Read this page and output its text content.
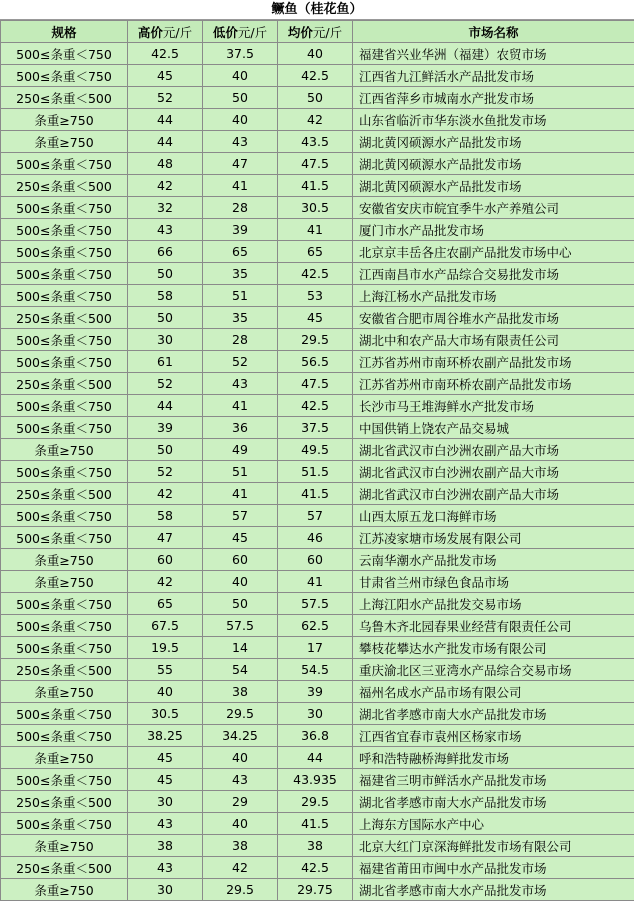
鳜鱼（桂花鱼）
规格	高价元/斤	低价元/斤	均价元/斤	市场名称
500≤条重＜750	42.5	37.5	40	福建省兴业华洲（福建）农贸市场
500≤条重＜750	45	40	42.5	江西省九江鲜活水产品批发市场
250≤条重＜500	52	50	50	江西省萍乡市城南水产批发市场
条重≥750	44	40	42	山东省临沂市华东淡水鱼批发市场
条重≥750	44	43	43.5	湖北黄冈硕源水产品批发市场
500≤条重＜750	48	47	47.5	湖北黄冈硕源水产品批发市场
250≤条重＜500	42	41	41.5	湖北黄冈硕源水产品批发市场
500≤条重＜750	32	28	30.5	安徽省安庆市皖宜季牛水产养殖公司
500≤条重＜750	43	39	41	厦门市水产品批发市场
500≤条重＜750	66	65	65	北京京丰岳各庄农副产品批发市场中心
500≤条重＜750	50	35	42.5	江西南昌市水产品综合交易批发市场
500≤条重＜750	58	51	53	上海江杨水产品批发市场
250≤条重＜500	50	35	45	安徽省合肥市周谷堆水产品批发市场
500≤条重＜750	30	28	29.5	湖北中和农产品大市场有限责任公司
500≤条重＜750	61	52	56.5	江苏省苏州市南环桥农副产品批发市场
250≤条重＜500	52	43	47.5	江苏省苏州市南环桥农副产品批发市场
500≤条重＜750	44	41	42.5	长沙市马王堆海鲜水产批发市场
500≤条重＜750	39	36	37.5	中国供销上饶农产品交易城
条重≥750	50	49	49.5	湖北省武汉市白沙洲农副产品大市场
500≤条重＜750	52	51	51.5	湖北省武汉市白沙洲农副产品大市场
250≤条重＜500	42	41	41.5	湖北省武汉市白沙洲农副产品大市场
500≤条重＜750	58	57	57	山西太原五龙口海鲜市场
500≤条重＜750	47	45	46	江苏凌家塘市场发展有限公司
条重≥750	60	60	60	云南华潮水产品批发市场
条重≥750	42	40	41	甘肃省兰州市绿色食品市场
500≤条重＜750	65	50	57.5	上海江阳水产品批发交易市场
500≤条重＜750	67.5	57.5	62.5	乌鲁木齐北园春果业经营有限责任公司
500≤条重＜750	19.5	14	17	攀枝花攀达水产批发市场有限公司
250≤条重＜500	55	54	54.5	重庆渝北区三亚湾水产品综合交易市场
条重≥750	40	38	39	福州名成水产品市场有限公司
500≤条重＜750	30.5	29.5	30	湖北省孝感市南大水产品批发市场
500≤条重＜750	38.25	34.25	36.8	江西省宜春市袁州区杨家市场
条重≥750	45	40	44	呼和浩特融桥海鲜批发市场
500≤条重＜750	45	43	43.935	福建省三明市鲜活水产品批发市场
250≤条重＜500	30	29	29.5	湖北省孝感市南大水产品批发市场
500≤条重＜750	43	40	41.5	上海东方国际水产中心
条重≥750	38	38	38	北京大红门京深海鲜批发市场有限公司
250≤条重＜500	43	42	42.5	福建省莆田市闽中水产品批发市场
条重≥750	30	29.5	29.75	湖北省孝感市南大水产品批发市场
